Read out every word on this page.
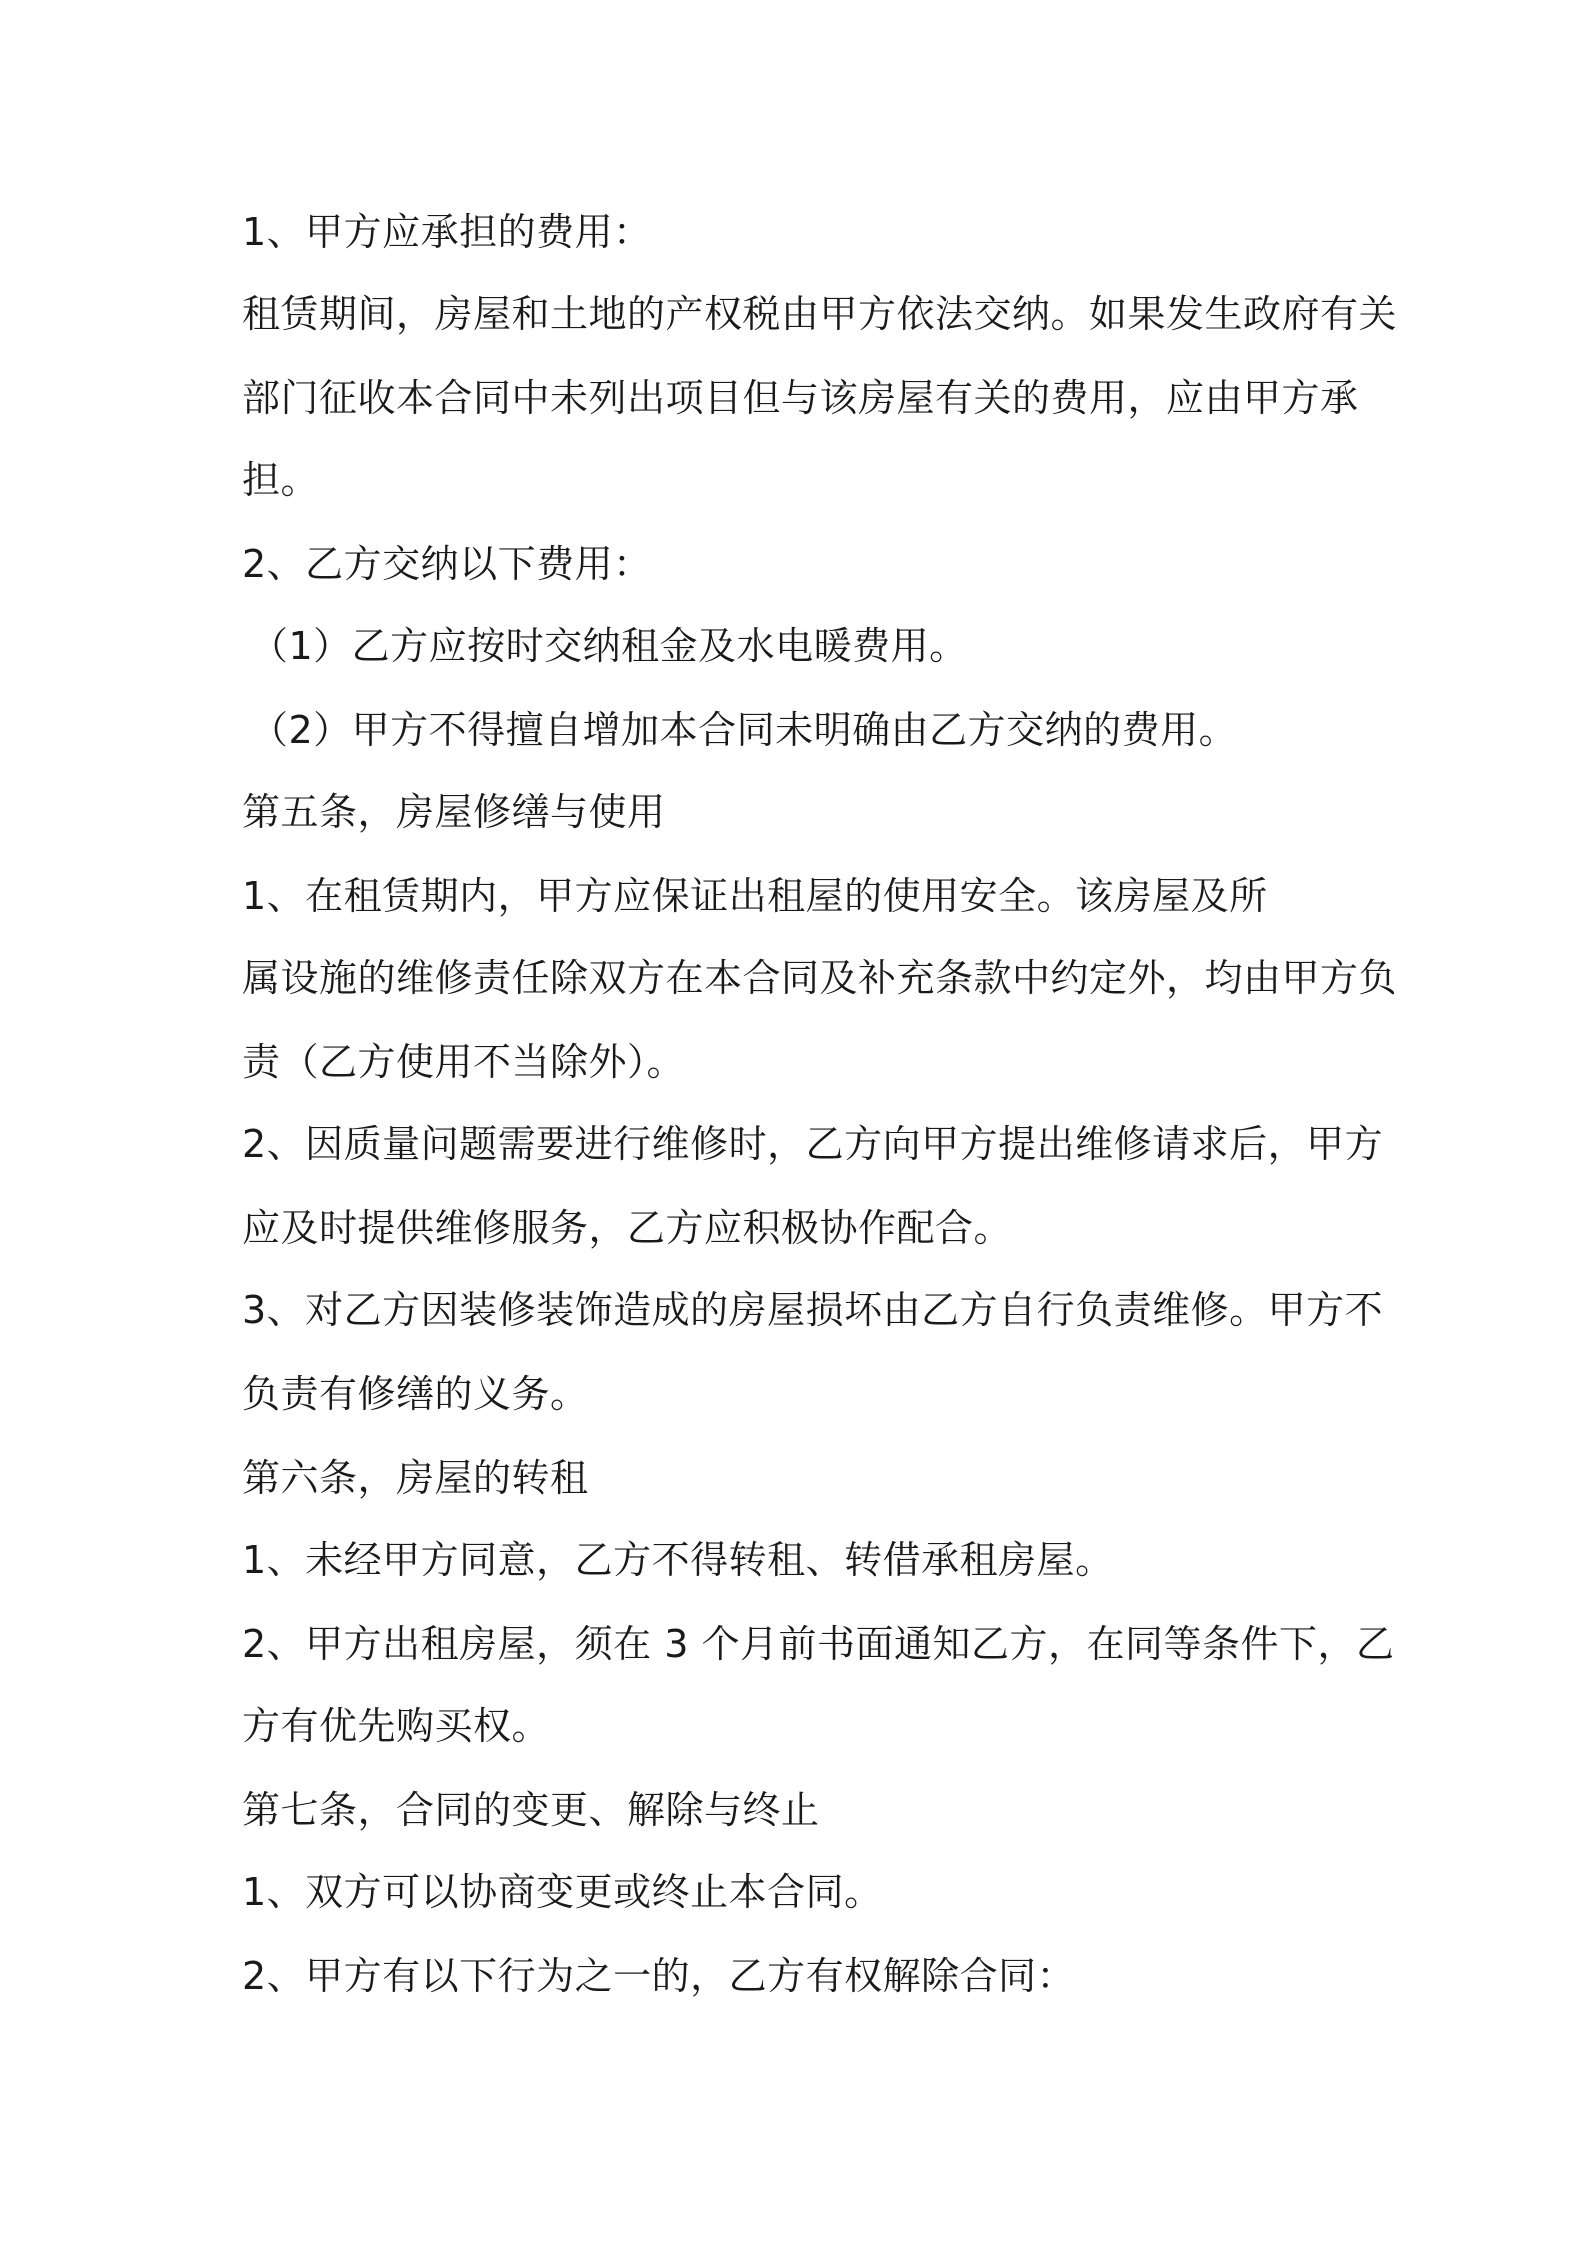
1、甲方应承担的费用：
租赁期间，房屋和土地的产权税由甲方依法交纳。如果发生政府有关
部门征收本合同中未列出项目但与该房屋有关的费用，应由甲方承
担。
2、乙方交纳以下费用：
（1）乙方应按时交纳租金及水电暖费用。
（2）甲方不得擅自增加本合同未明确由乙方交纳的费用。
第五条，房屋修缮与使用
1、在租赁期内，甲方应保证出租屋的使用安全。该房屋及所
属设施的维修责任除双方在本合同及补充条款中约定外，均由甲方负
责（乙方使用不当除外）。
2、因质量问题需要进行维修时，乙方向甲方提出维修请求后，甲方
应及时提供维修服务，乙方应积极协作配合。
3、对乙方因装修装饰造成的房屋损坏由乙方自行负责维修。甲方不
负责有修缮的义务。
第六条，房屋的转租
1、未经甲方同意，乙方不得转租、转借承租房屋。
2、甲方出租房屋，须在 3 个月前书面通知乙方，在同等条件下，乙
方有优先购买权。
第七条，合同的变更、解除与终止
1、双方可以协商变更或终止本合同。
2、甲方有以下行为之一的，乙方有权解除合同：
